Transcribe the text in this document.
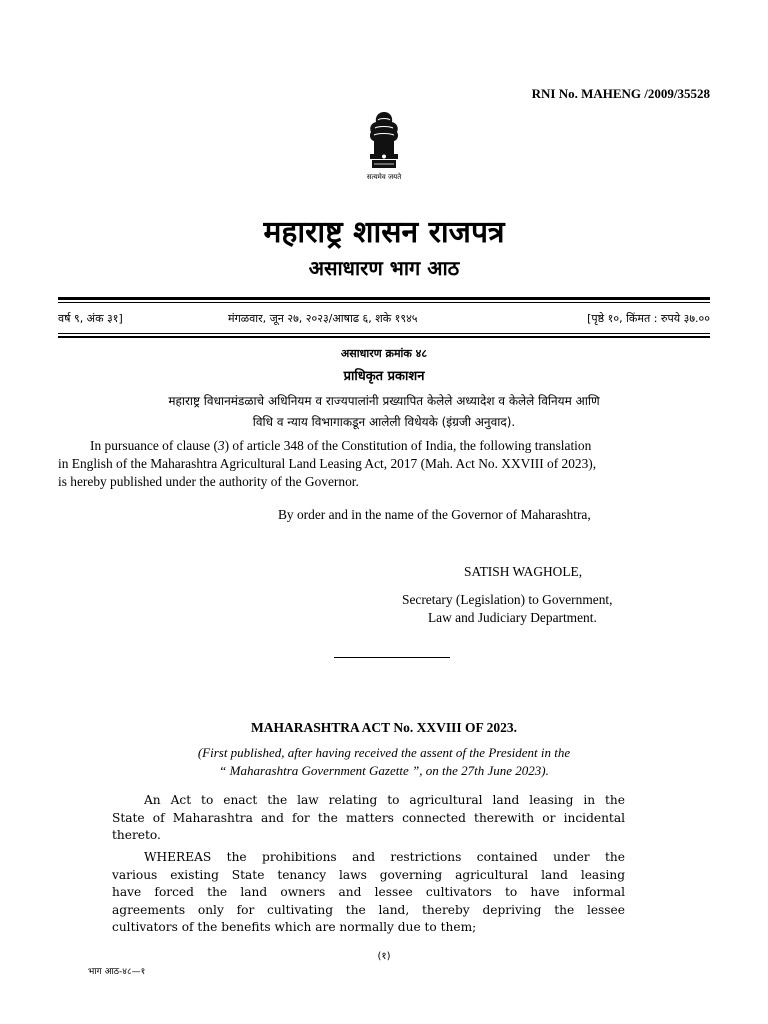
RNI No. MAHENG /2009/35528
सत्यमेव जयते
महाराष्ट्र शासन राजपत्र
असाधारण भाग आठ
वर्ष ९, अंक ३१]	मंगळवार, जून २७, २०२३/आषाढ ६, शके १९४५	[पृष्ठे १०, किंमत : रुपये ३७.००
असाधारण क्रमांक ४८
प्राधिकृत प्रकाशन
महाराष्ट्र विधानमंडळाचे अधिनियम व राज्यपालांनी प्रख्यापित केलेले अध्यादेश व केलेले विनियम आणि
विधि व न्याय विभागाकडून आलेली विधेयके (इंग्रजी अनुवाद).
In pursuance of clause (3) of article 348 of the Constitution of India, the following translation
in English of the Maharashtra Agricultural Land Leasing Act, 2017 (Mah. Act No. XXVIII of 2023),
is hereby published under the authority of the Governor.
By order and in the name of the Governor of Maharashtra,
SATISH WAGHOLE,
Secretary (Legislation) to Government,
Law and Judiciary Department.
MAHARASHTRA ACT No. XXVIII OF 2023.
(First published, after having received the assent of the President in the
“ Maharashtra Government Gazette ”, on the 27th June 2023).
An Act to enact the law relating to agricultural land leasing in the
State of Maharashtra and for the matters connected therewith or incidental
thereto.
WHEREAS the prohibitions and restrictions contained under the
various existing State tenancy laws governing agricultural land leasing
have forced the land owners and lessee cultivators to have informal
agreements only for cultivating the land, thereby depriving the lessee
cultivators of the benefits which are normally due to them;
(१)
भाग आठ-४८—१
